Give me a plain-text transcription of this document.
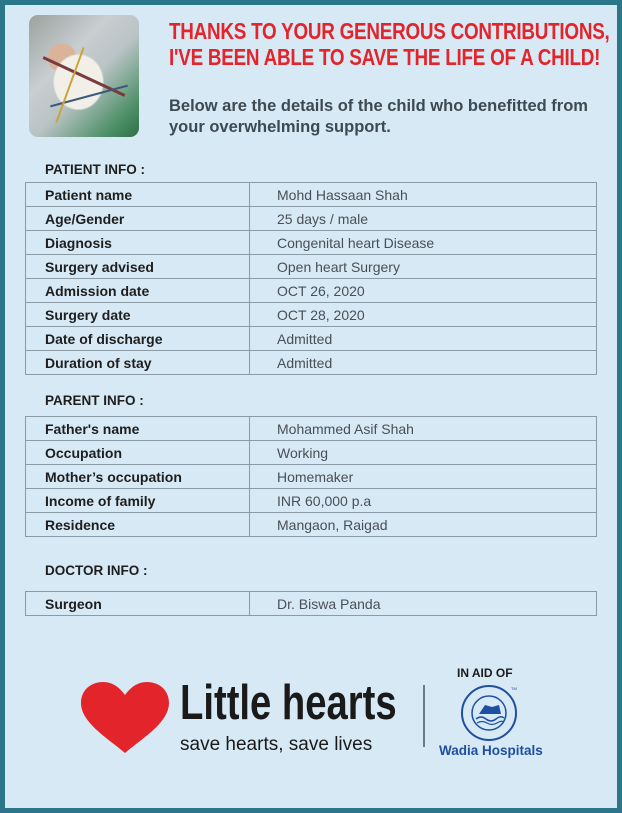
THANKS TO YOUR GENEROUS CONTRIBUTIONS,
I'VE BEEN ABLE TO SAVE THE LIFE OF A CHILD!
Below are the details of the child who benefitted from your overwhelming support.
PATIENT INFO :
Patient name	Mohd Hassaan Shah
Age/Gender	25 days / male
Diagnosis	Congenital heart Disease
Surgery advised	Open heart Surgery
Admission date	OCT 26, 2020
Surgery date	OCT 28, 2020
Date of discharge	Admitted
Duration of stay	Admitted
PARENT INFO :
Father's name	Mohammed Asif Shah
Occupation	Working
Mother’s occupation	Homemaker
Income of family	INR 60,000 p.a
Residence	Mangaon, Raigad
DOCTOR INFO :
Surgeon	Dr. Biswa Panda
Little hearts
save hearts, save lives
IN AID OF
TM
Wadia Hospitals
